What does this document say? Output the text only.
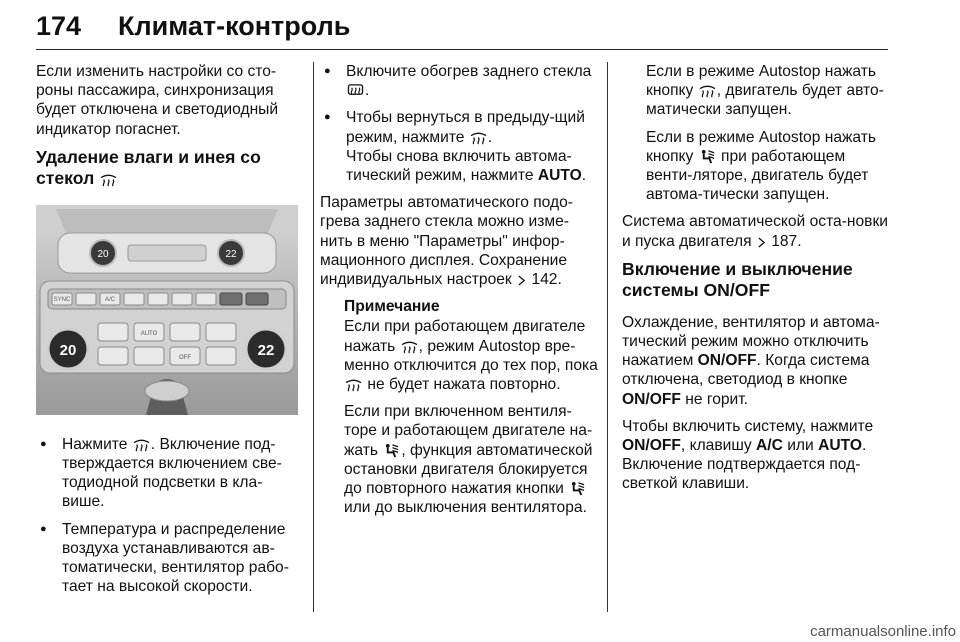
174 Климат-контроль

Если изменить настройки со сто-роны пассажира, синхронизация будет отключена и светодиодный индикатор погаснет.

Удаление влаги и инея со стекол
20	22
SYNC	A/C
20	22
AUTO
OFF
● Нажмите . Включение под-тверждается включением све-тодиодной подсветки в кла-више.
● Температура и распределение воздуха устанавливаются ав-томатически, вентилятор рабо-тает на высокой скорости.
● Включите обогрев заднего стекла .
● Чтобы вернуться в предыду-щий режим, нажмите .
Чтобы снова включить автома-тический режим, нажмите AUTO.

Параметры автоматического подо-грева заднего стекла можно изме-нить в меню "Параметры" инфор-мационного дисплея. Сохранение индивидуальных настроек 142.

Примечание

Если при работающем двигателе нажать , режим Autostop вре-менно отключится до тех пор, пока  не будет нажата повторно.

Если при включенном вентиля-торе и работающем двигателе на-жать , функция автоматической остановки двигателя блокируется до повторного нажатия кнопки  или до выключения вентилятора.

Если в режиме Autostop нажать кнопку , двигатель будет авто-матически запущен.

Если в режиме Autostop нажать кнопку при работающем венти-ляторе, двигатель будет автома-тически запущен.

Система автоматической оста-новки и пуска двигателя 187.

Включение и выключение системы ON/OFF

Охлаждение, вентилятор и автома-тический режим можно отключить нажатием ON/OFF. Когда система отключена, светодиод в кнопке ON/OFF не горит.

Чтобы включить систему, нажмите ON/OFF, клавишу A/C или AUTO. Включение подтверждается под-светкой клавиши.

carmanualsonline.info
